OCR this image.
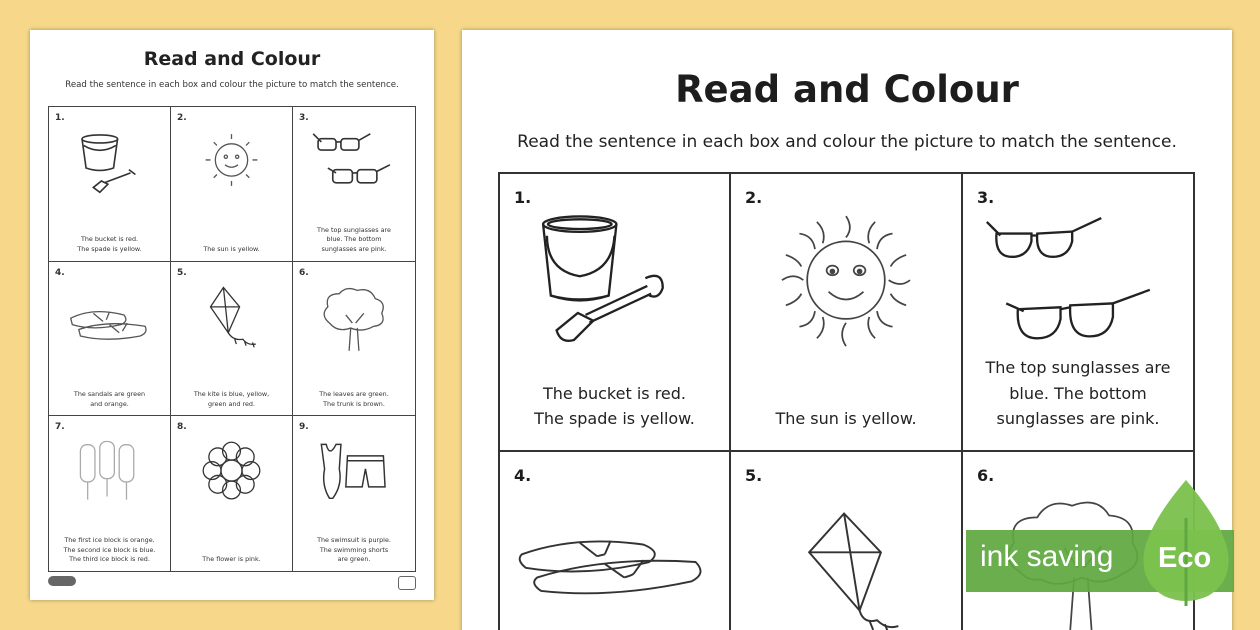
Read and Colour
Read the sentence in each box and colour the picture to match the sentence.
1.
The bucket is red.
The spade is yellow.
2.
The sun is yellow.
3.
The top sunglasses are
blue. The bottom
sunglasses are pink.
4.
The sandals are green
and orange.
5.
The kite is blue, yellow,
green and red.
6.
The leaves are green.
The trunk is brown.
7.
The first ice block is orange.
The second ice block is blue.
The third ice block is red.
8.
The flower is pink.
9.
The swimsuit is purple.
The swimming shorts
are green.
Read and Colour
Read the sentence in each box and colour the picture to match the sentence.
1.
The bucket is red.
The spade is yellow.
2.
The sun is yellow.
3.
The top sunglasses are
blue. The bottom
sunglasses are pink.
4.	5.	6.
ink saving Eco
